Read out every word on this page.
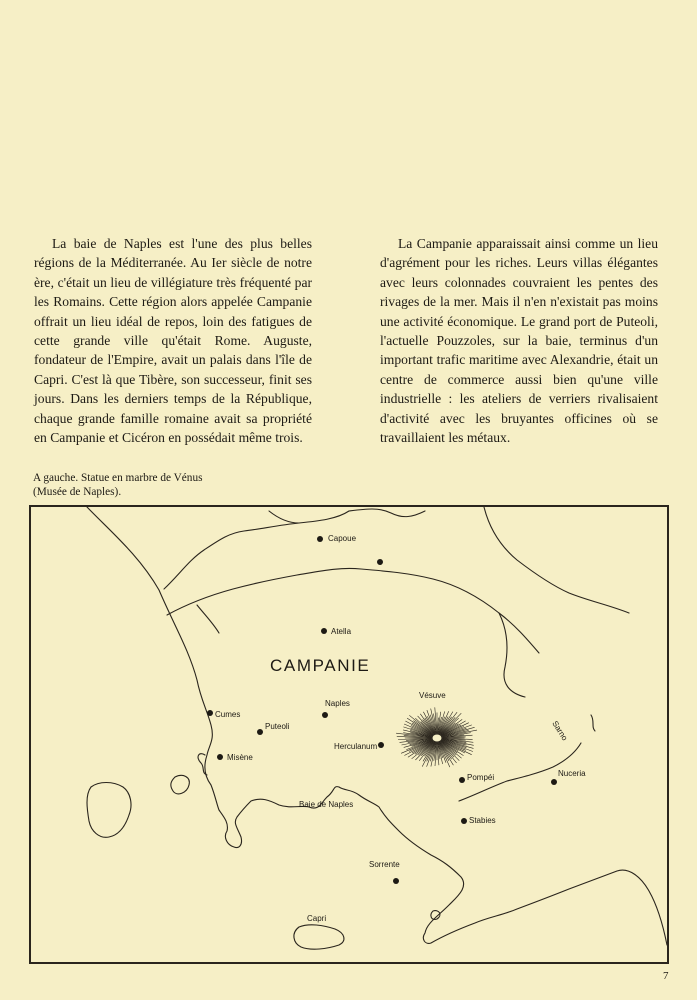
La baie de Naples est l'une des plus belles régions de la Méditerranée. Au Ier siècle de notre ère, c'était un lieu de villégiature très fréquenté par les Romains. Cette région alors appelée Campanie offrait un lieu idéal de repos, loin des fatigues de cette grande ville qu'était Rome. Auguste, fondateur de l'Empire, avait un palais dans l'île de Capri. C'est là que Tibère, son successeur, finit ses jours. Dans les derniers temps de la République, chaque grande famille romaine avait sa propriété en Campanie et Cicéron en possédait même trois.

La Campanie apparaissait ainsi comme un lieu d'agrément pour les riches. Leurs villas élégantes avec leurs colonnades couvraient les pentes des rivages de la mer. Mais il n'en n'existait pas moins une activité économique. Le grand port de Puteoli, l'actuelle Pouzzoles, sur la baie, terminus d'un important trafic maritime avec Alexandrie, était un centre de commerce aussi bien qu'une ville industrielle : les ateliers de verriers rivalisaient d'activité avec les bruyantes officines où se travaillaient les métaux.

A gauche. Statue en marbre de Vénus
(Musée de Naples).
Capoue
Atella
CAMPANIE
Cumes
Puteoli
Naples
Misène
Herculanum
Vésuve
Pompéi	Nuceria
Stabies
Sorrente
Capri
Baie de Naples
Sarno
7
